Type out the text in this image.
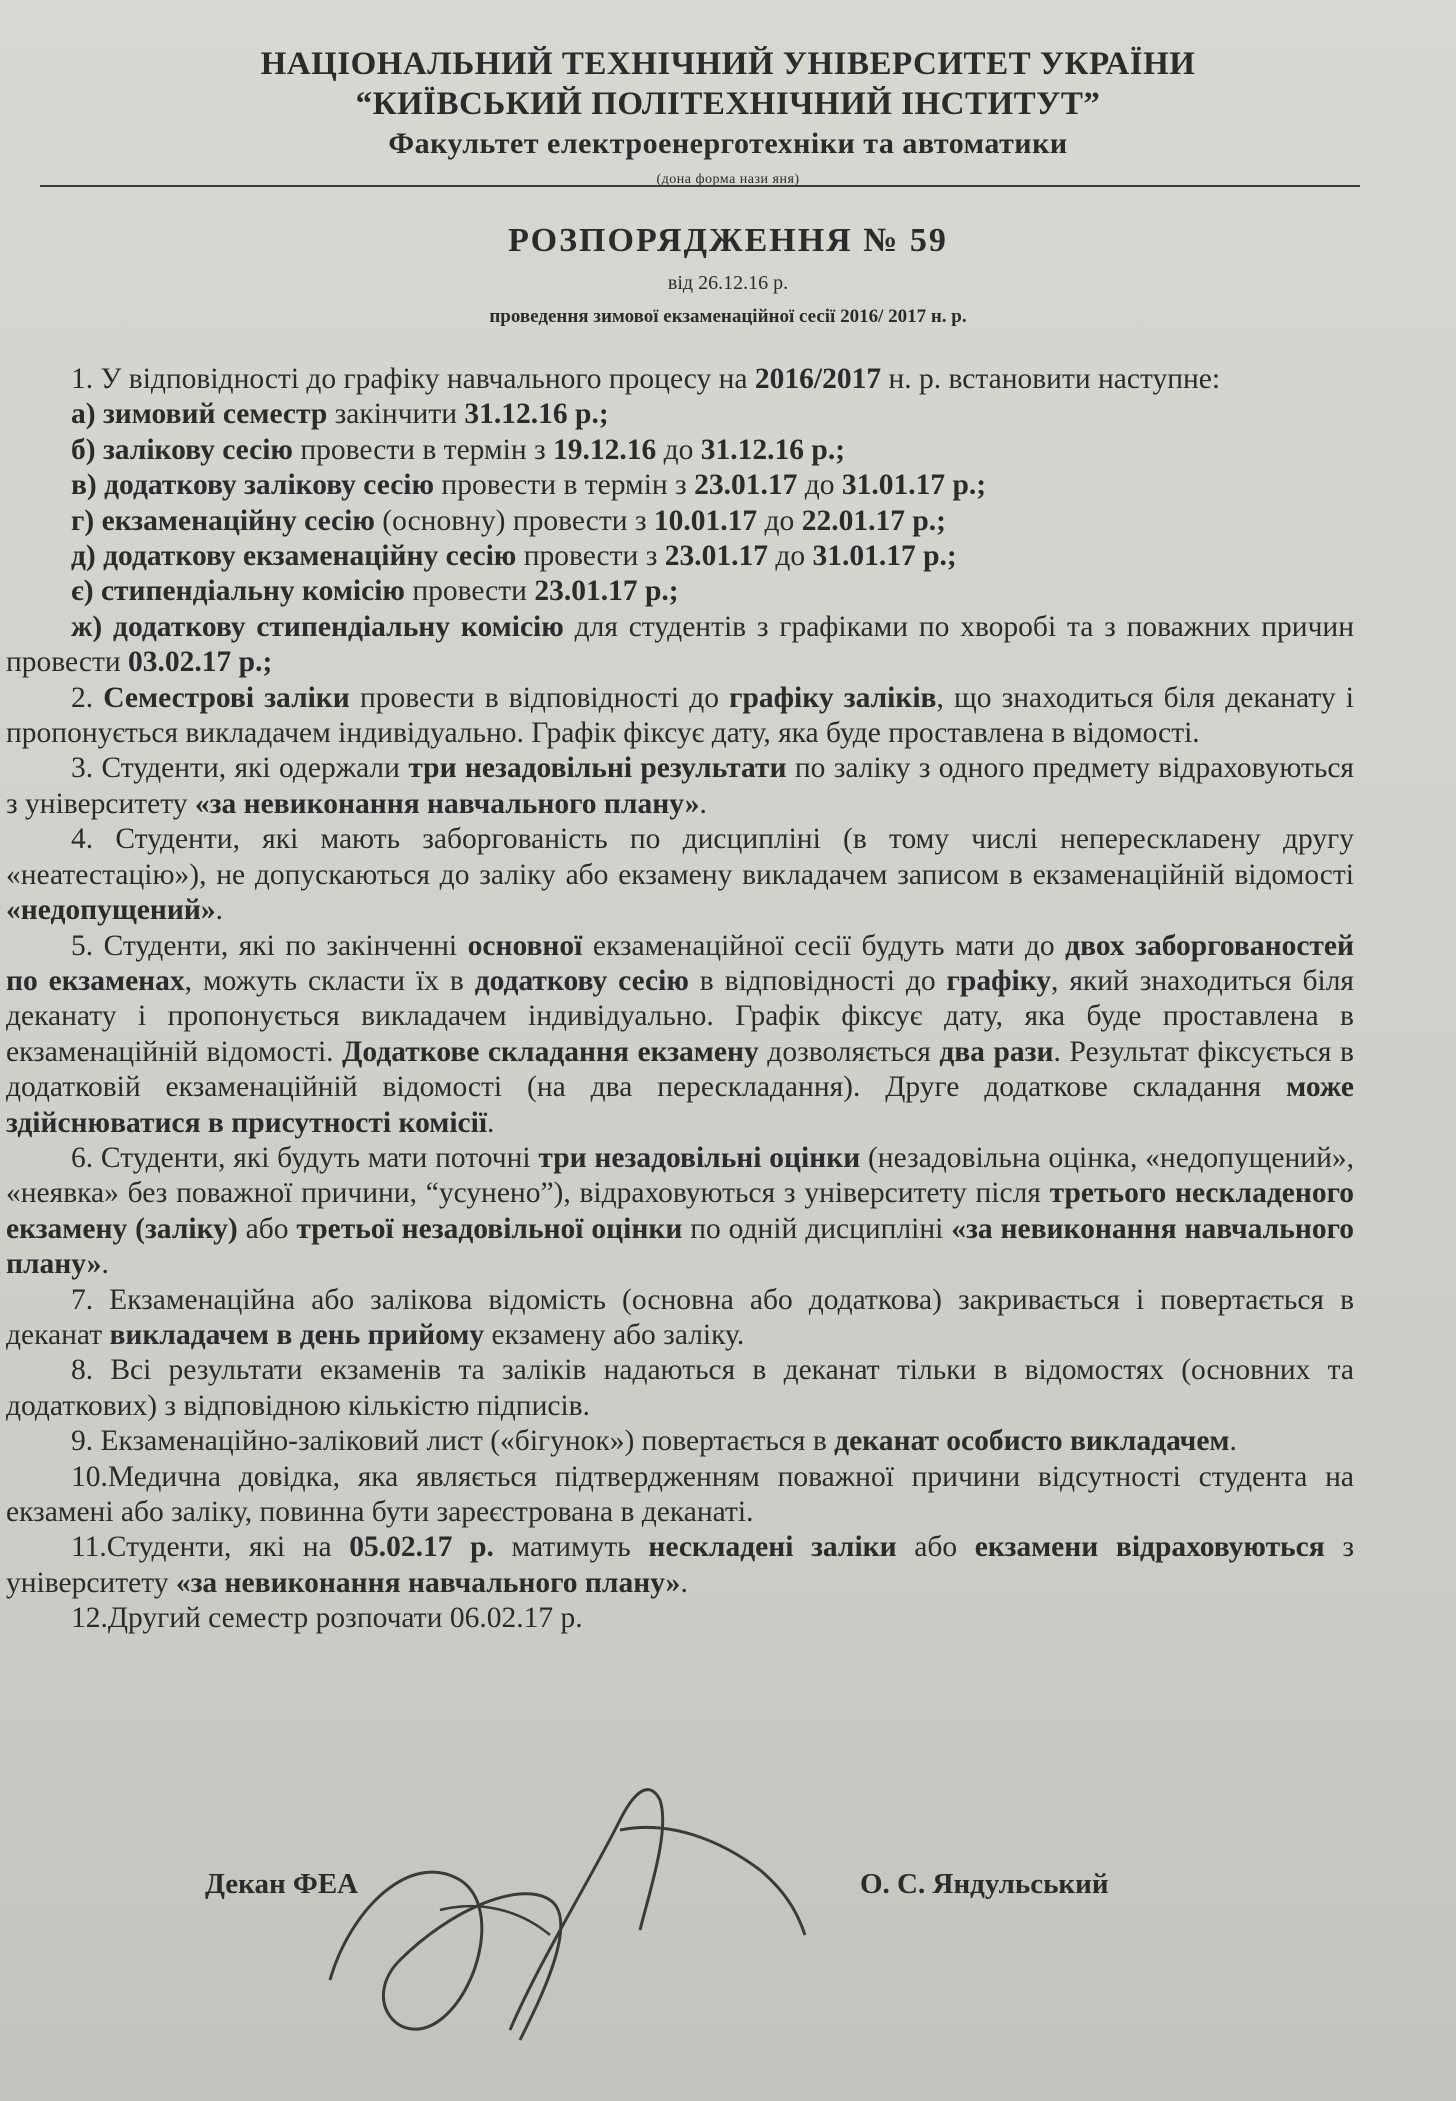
НАЦІОНАЛЬНИЙ ТЕХНІЧНИЙ УНІВЕРСИТЕТ УКРАЇНИ
“КИЇВСЬКИЙ ПОЛІТЕХНІЧНИЙ ІНСТИТУТ”
Факультет електроенерготехніки та автоматики
(дона форма нази яня)
РОЗПОРЯДЖЕННЯ № 59
від 26.12.16 р.
проведення зимової екзаменаційної сесії 2016/ 2017 н. р.

1. У відповідності до графіку навчального процесу на 2016/2017 н. р. встановити наступне:

а) зимовий семестр закінчити 31.12.16 р.;

б) залікову сесію провести в термін з 19.12.16 до 31.12.16 р.;

в) додаткову залікову сесію провести в термін з 23.01.17 до 31.01.17 р.;

г) екзаменаційну сесію (основну) провести з 10.01.17 до 22.01.17 р.;

д) додаткову екзаменаційну сесію провести з 23.01.17 до 31.01.17 р.;

є) стипендіальну комісію провести 23.01.17 р.;

ж) додаткову стипендіальну комісію для студентів з графіками по хворобі та з поважних причин провести 03.02.17 р.;

2. Семестрові заліки провести в відповідності до графіку заліків, що знаходиться біля деканату і пропонується викладачем індивідуально. Графік фіксує дату, яка буде проставлена в відомості.

3. Студенти, які одержали три незадовільні результати по заліку з одного предмету відраховуються з університету «за невиконання навчального плану».

4. Студенти, які мають заборгованість по дисципліні (в тому числі непересклаᴅену другу «неатестацію»), не допускаються до заліку або екзамену викладачем записом в екзаменаційній відомості «недопущений».

5. Студенти, які по закінченні основної екзаменаційної сесії будуть мати до двох заборгованостей по екзаменах, можуть скласти їх в додаткову сесію в відповідності до графіку, який знаходиться біля деканату і пропонується викладачем індивідуально. Графік фіксує дату, яка буде проставлена в екзаменаційній відомості. Додаткове складання екзамену дозволяється два рази. Результат фіксується в додатковій екзаменаційній відомості (на два перескладання). Друге додаткове складання може здійснюватися в присутності комісії.

6. Студенти, які будуть мати поточні три незадовільні оцінки (незадовільна оцінка, «недопущений», «неявка» без поважної причини, “усунено”), відраховуються з університету після третього нескладеного екзамену (заліку) або третьої незадовільної оцінки по одній дисципліні «за невиконання навчального плану».

7. Екзаменаційна або залікова відомість (основна або додаткова) закривається і повертається в деканат викладачем в день прийому екзамену або заліку.

8. Всі результати екзаменів та заліків надаються в деканат тільки в відомостях (основних та додаткових) з відповідною кількістю підписів.

9. Екзаменаційно-заліковий лист («бігунок») повертається в деканат особисто викладачем.

10.Медична довідка, яка являється підтвердженням поважної причини відсутності студента на екзамені або заліку, повинна бути зареєстрована в деканаті.

11.Студенти, які на 05.02.17 р. матимуть нескладені заліки або екзамени відраховуються з університету «за невиконання навчального плану».

12.Другий семестр розпочати 06.02.17 р.

Декан ФЕА	О. С. Яндульський
